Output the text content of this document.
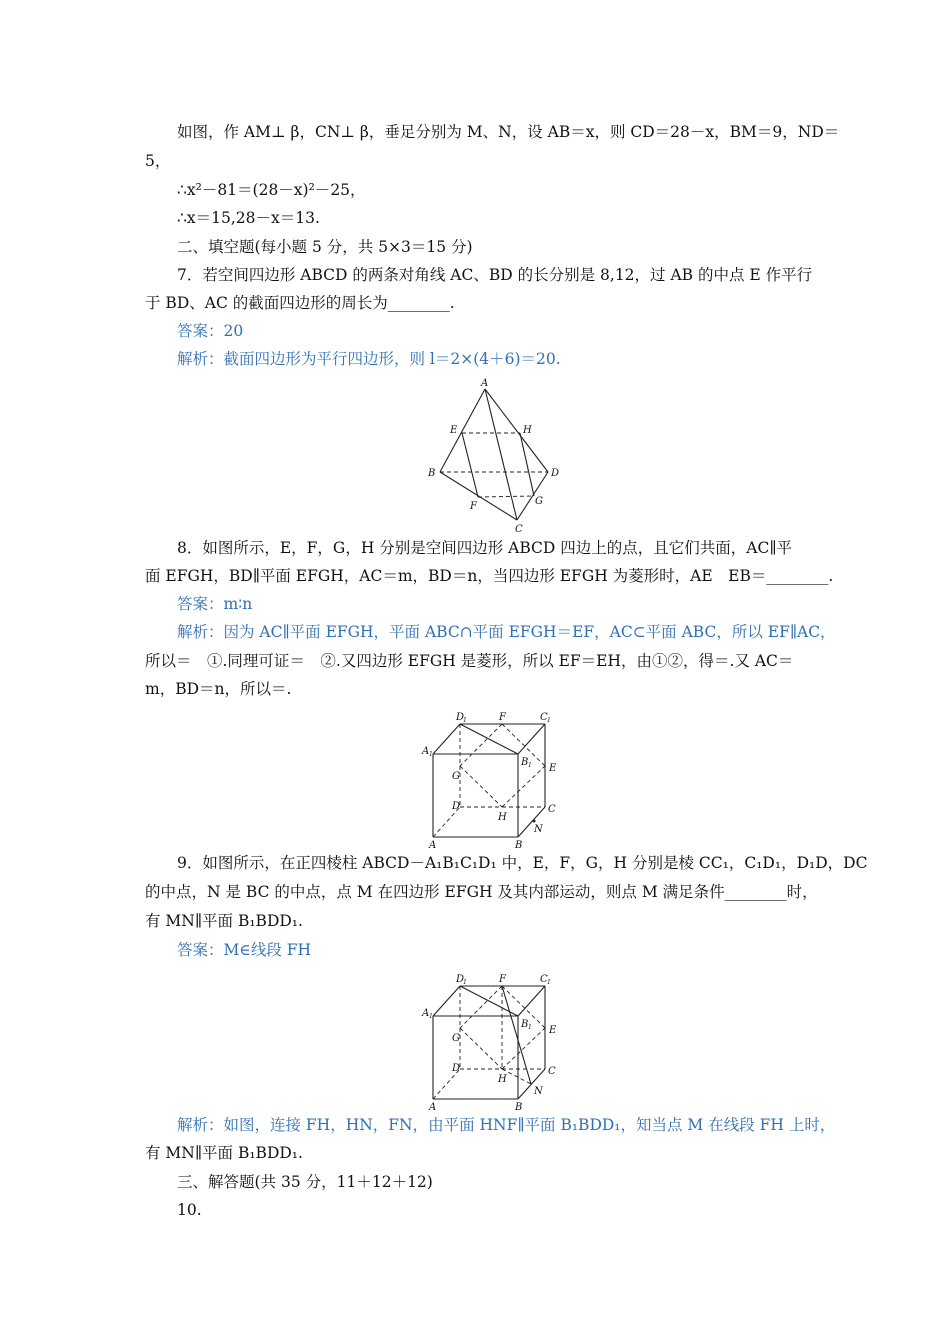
如图，作 AM⊥ β，CN⊥ β，垂足分别为 M、N，设 AB＝x，则 CD＝28－x，BM＝9，ND＝
5，
∴x²－81＝(28－x)²－25，
∴x＝15,28－x＝13.
二、填空题(每小题 5 分，共 5×3＝15 分)
7．若空间四边形 ABCD 的两条对角线 AC、BD 的长分别是 8,12，过 AB 的中点 E 作平行
于 BD、AC 的截面四边形的周长为________.
答案：20
解析：截面四边形为平行四边形，则 l＝2×(4＋6)＝20.
A
B
C
D
E
F	G
H
8．如图所示，E，F，G，H 分别是空间四边形 ABCD 四边上的点，且它们共面，AC∥平
面 EFGH，BD∥平面 EFGH，AC＝m，BD＝n，当四边形 EFGH 为菱形时，AE　EB＝________.
答案：m∶n
解析：因为 AC∥平面 EFGH，平面 ABC∩平面 EFGH＝EF，AC⊂平面 ABC，所以 EF∥AC，
所以＝　①.同理可证＝　②.又四边形 EFGH 是菱形，所以 EF＝EH，由①②，得＝.又 AC＝
m，BD＝n，所以＝.
D
1	F	C 1
A 1
B 1
G
E
D	C
H
N
A	B
9．如图所示，在正四棱柱 ABCD－A₁B₁C₁D₁ 中，E，F，G，H 分别是棱 CC₁，C₁D₁，D₁D，DC
的中点，N 是 BC 的中点，点 M 在四边形 EFGH 及其内部运动，则点 M 满足条件________时，
有 MN∥平面 B₁BDD₁.
答案：M∈线段 FH
D
1	F	C 1
A 1
B 1
G
E
D	C
H
N
A	B
解析：如图，连接 FH，HN，FN，由平面 HNF∥平面 B₁BDD₁，知当点 M 在线段 FH 上时，
有 MN∥平面 B₁BDD₁.
三、解答题(共 35 分，11＋12＋12)
10.
